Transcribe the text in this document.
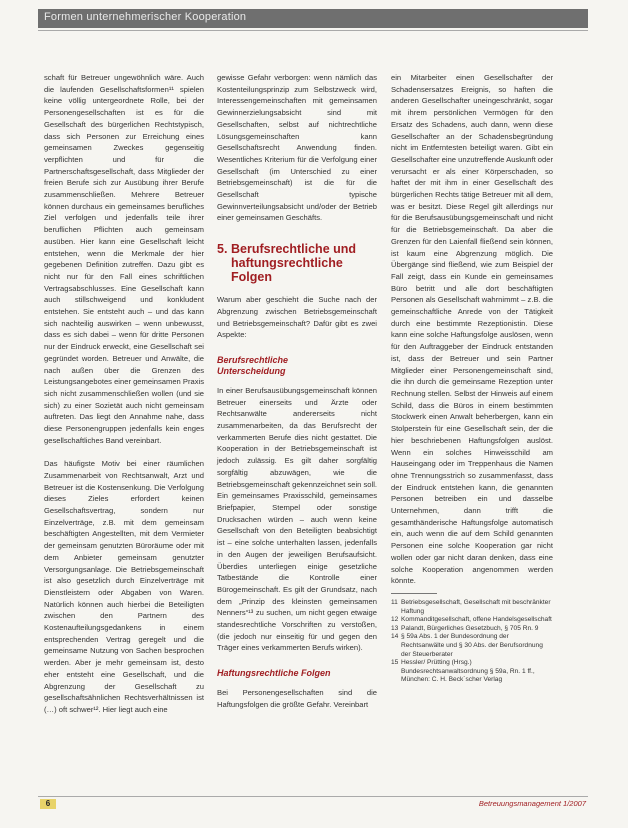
Formen unternehmerischer Kooperation

schaft für Betreuer ungewöhnlich wäre. Auch die laufenden Gesellschaftsformen¹¹ spielen keine völlig untergeordnete Rolle, bei der Personengesellschaften ist es für die Gesellschaft des bürgerlichen Rechtstypisch, dass sich Personen zur Erreichung eines gemeinsamen Zweckes gegenseitig verpflichten und für die Partnerschaftsgesellschaft, dass Mitglieder der freien Berufe sich zur Ausübung ihrer Berufe zusammenschließen. Mehrere Betreuer können durchaus ein gemeinsames berufliches Ziel verfolgen und jedenfalls teile ihrer beruflichen Pflichten auch gemeinsam ausüben. Hier kann eine Gesellschaft leicht entstehen, wenn die Merkmale der hier gegebenen Definition zutreffen. Dazu gibt es nicht nur für den Fall eines schriftlichen Vertragsabschlusses. Eine Gesellschaft kann auch stillschweigend und konkludent entstehen. Sie entsteht auch – und das kann sich nachteilig auswirken – wenn unbewusst, dass es sich dabei – wenn für dritte Personen nur der Eindruck erweckt, eine Gesellschaft sei gegründet worden. Betreuer und Anwälte, die nach außen über die Grenzen des Leistungsangebotes einer gemeinsamen Praxis sich nicht zusammenschließen wollen (und sie sich) zu einer Sozietät auch nicht gemeinsam auftreten. Das liegt den Annahme nahe, dass diese Personengruppen jedenfalls kein enges gesellschaftliches Band vereinbart.

Das häufigste Motiv bei einer räumlichen Zusammenarbeit von Rechtsanwalt, Arzt und Betreuer ist die Kostensenkung. Die Verfolgung dieses Zieles erfordert keinen Gesellschaftsvertrag, sondern nur Einzelverträge, z.B. mit dem gemeinsam beschäftigten Angestellten, mit dem Vermieter der gemeinsam genutzten Büroräume oder mit dem Anbieter gemeinsam genutzter Versorgungsanlage. Die Betriebsgemeinschaft ist also gesetzlich durch Einzelverträge mit Dienstleistern oder Abgaben von Waren. Natürlich können auch hierbei die Beteiligten zwischen den Partnern des Kostenaufteilungsgedankens in einem entsprechenden Vertrag geregelt und die gemeinsame Nutzung von Sachen besprochen werden. Aber je mehr gemeinsam ist, desto eher entsteht eine Gesellschaft, und die Abgrenzung der Gesellschaft zu gesellschaftsähnlichen Rechtsverhältnissen ist (…) oft schwer¹². Hier liegt auch eine

gewisse Gefahr verborgen: wenn nämlich das Kostenteilungsprinzip zum Selbstzweck wird, Interessengemeinschaften mit gemeinsamen Gewinnerzielungsabsicht sind mit Gesellschaften, selbst auf nichtrechtliche Lösungsgemeinschaften kann Gesellschaftsrecht Anwendung finden. Wesentliches Kriterium für die Verfolgung einer Gesellschaft (im Unterschied zu einer Betriebsgemeinschaft) ist die für die Gesellschaft typische Gewinnverteilungsabsicht und/oder der Betrieb einer gemeinsamen Geschäfts.

5. Berufsrechtliche und
haftungsrechtliche
Folgen

Warum aber geschieht die Suche nach der Abgrenzung zwischen Betriebsgemeinschaft und Betriebsgemeinschaft? Dafür gibt es zwei Aspekte:

Berufsrechtliche
Unterscheidung

In einer Berufsausübungsgemeinschaft können Betreuer einerseits und Ärzte oder Rechtsanwälte andererseits nicht zusammenarbeiten, da das Berufsrecht der verkammerten Berufe dies nicht gestattet. Die Kooperation in der Betriebsgemeinschaft ist jedoch zulässig. Es gilt daher sorgfältig sorgfältig abzuwägen, wie die Betriebsgemeinschaft gekennzeichnet sein soll. Ein gemeinsames Praxisschild, gemeinsames Briefpapier, Stempel oder sonstige Drucksachen würden – auch wenn keine Gesellschaft von den Beteiligten beabsichtigt ist – eine solche unterhalten lassen, jedenfalls in den Augen der jeweiligen Berufsaufsicht. Überdies unterliegen einige gesetzliche Tatbestände die Kontrolle einer Bürogemeinschaft. Es gilt der Grundsatz, nach dem „Prinzip des kleinsten gemeinsamen Nenners“¹³ zu suchen, um nicht gegen etwaige standesrechtliche Vorschriften zu verstoßen, (die jedoch nur einseitig für und gegen den Träger eines verkammerten Berufs wirken).

Haftungsrechtliche Folgen

Bei Personengesellschaften sind die Haftungsfolgen die größte Gefahr. Vereinbart

ein Mitarbeiter einen Gesellschafter der Schadensersatzes Ereignis, so haften die anderen Gesellschafter uneingeschränkt, sogar mit ihrem persönlichen Vermögen für den Ersatz des Schadens, auch dann, wenn diese Gesellschafter an der Schadensbegründung nicht im Entferntesten beteiligt waren. Gibt ein Gesellschafter eine unzutreffende Auskunft oder verursacht er als einer Körperschaden, so haftet der mit ihm in einer Gesellschaft des bürgerlichen Rechts tätige Betreuer mit all dem, was er besitzt. Diese Regel gilt allerdings nur für die Berufsausübungsgemeinschaft und nicht für die Betriebsgemeinschaft. Da aber die Grenzen für den Laienfall fließend sein können, ist kaum eine Abgrenzung möglich. Die Übergänge sind fließend, wie zum Beispiel der Fall zeigt, dass ein Kunde ein gemeinsames Büro betritt und alle dort beschäftigten Personen als Gesellschaft wahrnimmt – z.B. die gemeinschaftliche Anrede von der Tätigkeit durch eine bestimmte Rezeptionistin. Diese kann eine solche Haftungsfolge auslösen, wenn für den Auftraggeber der Eindruck entstanden ist, dass der Betreuer und sein Partner Mitglieder einer Personengemeinschaft sind, die ihn durch die gemeinsame Rezeption unter Rechnung stellen. Selbst der Hinweis auf einem Schild, dass die Büros in einem bestimmten Stockwerk einen Anwalt beherbergen, kann ein Stolperstein für eine Gesellschaft sein, der die hier beschriebenen Haftungsfolgen auslöst. Wenn ein solches Hinweisschild am Hauseingang oder im Treppenhaus die Namen ohne Trennungsstrich so zusammenfasst, dass der Eindruck entstehen kann, die genannten Personen betreiben ein und dasselbe Unternehmen, dann trifft die gesamthänderische Haftungsfolge automatisch ein, auch wenn die auf dem Schild genannten Personen eine solche Kooperation gar nicht wollen oder gar nicht daran denken, dass eine solche Kooperation angenommen werden könnte.

11 Betriebsgesellschaft, Gesellschaft mit beschränkter Haftung
12 Kommanditgesellschaft, offene Handelsgesellschaft
13 Palandt, Bürgerliches Gesetzbuch, § 705 Rn. 9
14 § 59a Abs. 1 der Bundesordnung der Rechtsanwälte und § 30 Abs. der Berufsordnung der Steuerberater
15 Hessler/ Prütting (Hrsg.) Bundesrechtsanwaltsordnung § 59a, Rn. 1 ff., München: C. H. Beck´scher Verlag
6	Betreuungsmanagement 1/2007
